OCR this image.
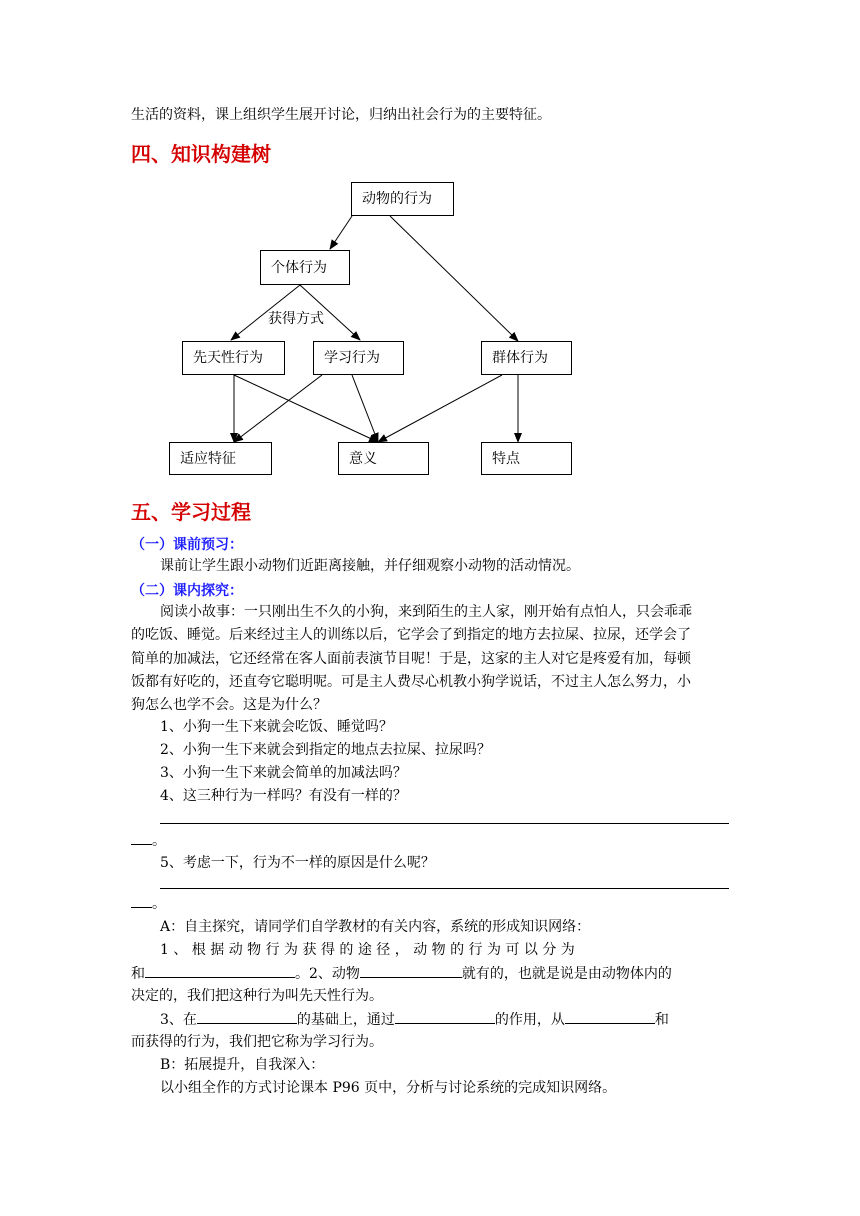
生活的资料，课上组织学生展开讨论，归纳出社会行为的主要特征。
四、知识构建树
动物的行为
个体行为
获得方式
先天性行为	学习行为	群体行为
适应特征	意义	特点
五、学习过程
（一）课前预习：
课前让学生跟小动物们近距离接触，并仔细观察小动物的活动情况。
（二）课内探究：
阅读小故事：一只刚出生不久的小狗，来到陌生的主人家，刚开始有点怕人，只会乖乖
的吃饭、睡觉。后来经过主人的训练以后，它学会了到指定的地方去拉屎、拉尿，还学会了
简单的加减法，它还经常在客人面前表演节目呢！于是，这家的主人对它是疼爱有加，每顿
饭都有好吃的，还直夸它聪明呢。可是主人费尽心机教小狗学说话，不过主人怎么努力，小
狗怎么也学不会。这是为什么？
1、小狗一生下来就会吃饭、睡觉吗？
2、小狗一生下来就会到指定的地点去拉屎、拉尿吗？
3、小狗一生下来就会简单的加减法吗？
4、这三种行为一样吗？有没有一样的？
。
5、考虑一下，行为不一样的原因是什么呢？
。
A：自主探究，请同学们自学教材的有关内容，系统的形成知识网络：
1 、 根 据 动 物 行 为 获 得 的 途 径 ， 动 物 的 行 为 可 以 分 为
和	。2、动物	就有的，也就是说是由动物体内的
决定的，我们把这种行为叫先天性行为。
3、在	的基础上，通过	的作用，从	和
而获得的行为，我们把它称为学习行为。
B：拓展提升，自我深入：
以小组全作的方式讨论课本 P96 页中，分析与讨论系统的完成知识网络。
